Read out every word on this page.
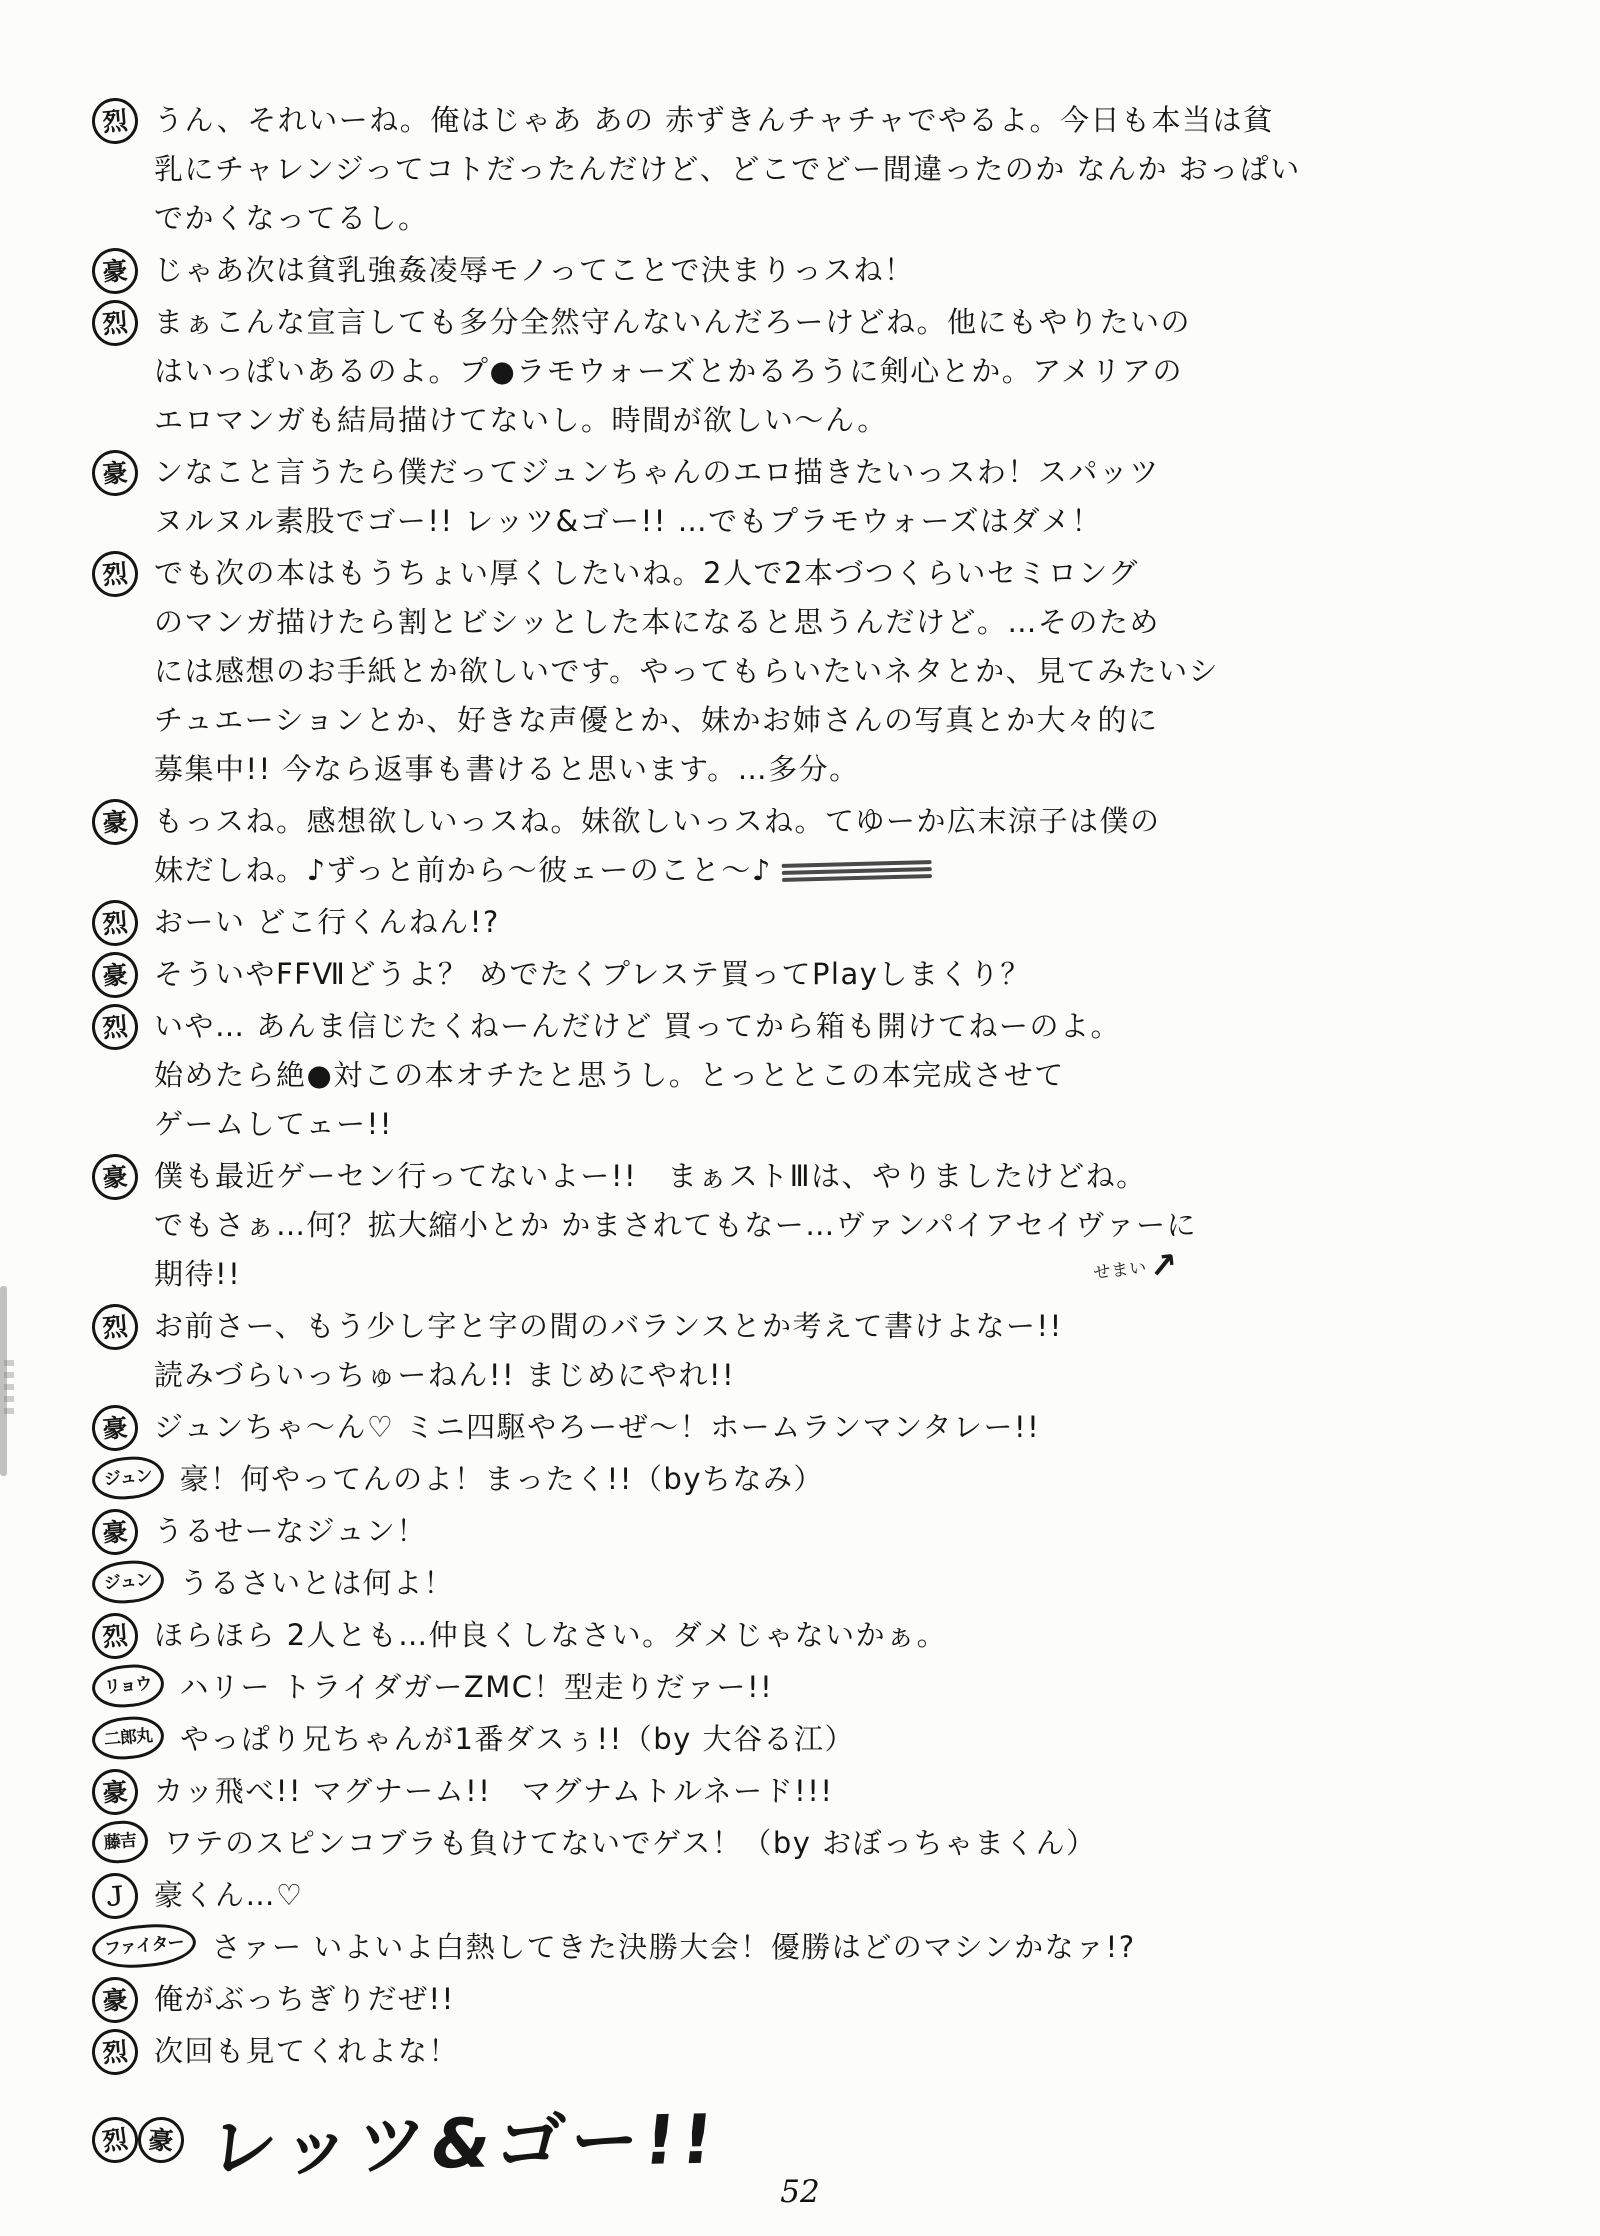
烈 うん、それいーね。俺はじゃあ あの 赤ずきんチャチャでやるよ。今日も本当は貧
乳にチャレンジってコトだったんだけど、どこでどー間違ったのか なんか おっぱい
でかくなってるし。
豪 じゃあ次は貧乳強姦凌辱モノってことで決まりっスね！
烈 まぁこんな宣言しても多分全然守んないんだろーけどね。他にもやりたいの
はいっぱいあるのよ。プ●ラモウォーズとかるろうに剣心とか。アメリアの
エロマンガも結局描けてないし。時間が欲しい〜ん。
豪 ンなこと言うたら僕だってジュンちゃんのエロ描きたいっスわ！スパッツ
ヌルヌル素股でゴー!! レッツ&ゴー!! …でもプラモウォーズはダメ！
烈 でも次の本はもうちょい厚くしたいね。2人で2本づつくらいセミロング
のマンガ描けたら割とビシッとした本になると思うんだけど。…そのため
には感想のお手紙とか欲しいです。やってもらいたいネタとか、見てみたいシ
チュエーションとか、好きな声優とか、妹かお姉さんの写真とか大々的に
募集中!! 今なら返事も書けると思います。…多分。
豪 もっスね。感想欲しいっスね。妹欲しいっスね。てゆーか広末涼子は僕の
妹だしね。♪ずっと前から〜彼ェーのこと〜♪
烈 おーい どこ行くんねん!?
豪 そういやFFⅦどうよ？ めでたくプレステ買ってPlayしまくり？
烈 いや… あんま信じたくねーんだけど 買ってから箱も開けてねーのよ。
始めたら絶●対この本オチたと思うし。とっととこの本完成させて
ゲームしてェー!!
豪 僕も最近ゲーセン行ってないよー!!　まぁストⅢは、やりましたけどね。
でもさぁ…何？拡大縮小とか かまされてもなー…ヴァンパイアセイヴァーに
期待!!	せまい
↗
烈 お前さー、もう少し字と字の間のバランスとか考えて書けよなー!!
読みづらいっちゅーねん!! まじめにやれ!!
豪 ジュンちゃ〜ん♡ ミニ四駆やろーぜ〜！ホームランマンタレー!!
ジュン 豪！何やってんのよ！まったく!!（byちなみ）
豪 うるせーなジュン！
ジュン うるさいとは何よ！
烈 ほらほら 2人とも…仲良くしなさい。ダメじゃないかぁ。
リョウ ハリー トライダガーZMC！型走りだァー!!
二郎丸 やっぱり兄ちゃんが1番ダスぅ!!（by 大谷る江）
豪 カッ飛べ!! マグナーム!!　マグナムトルネード!!!
藤吉 ワテのスピンコブラも負けてないでゲス！（by おぼっちゃまくん）
Ｊ 豪くん…♡
ファイター さァー いよいよ白熱してきた決勝大会！優勝はどのマシンかなァ!?
豪 俺がぶっちぎりだぜ!!
烈 次回も見てくれよな！
烈 豪 レッツ&ゴー!!
52
